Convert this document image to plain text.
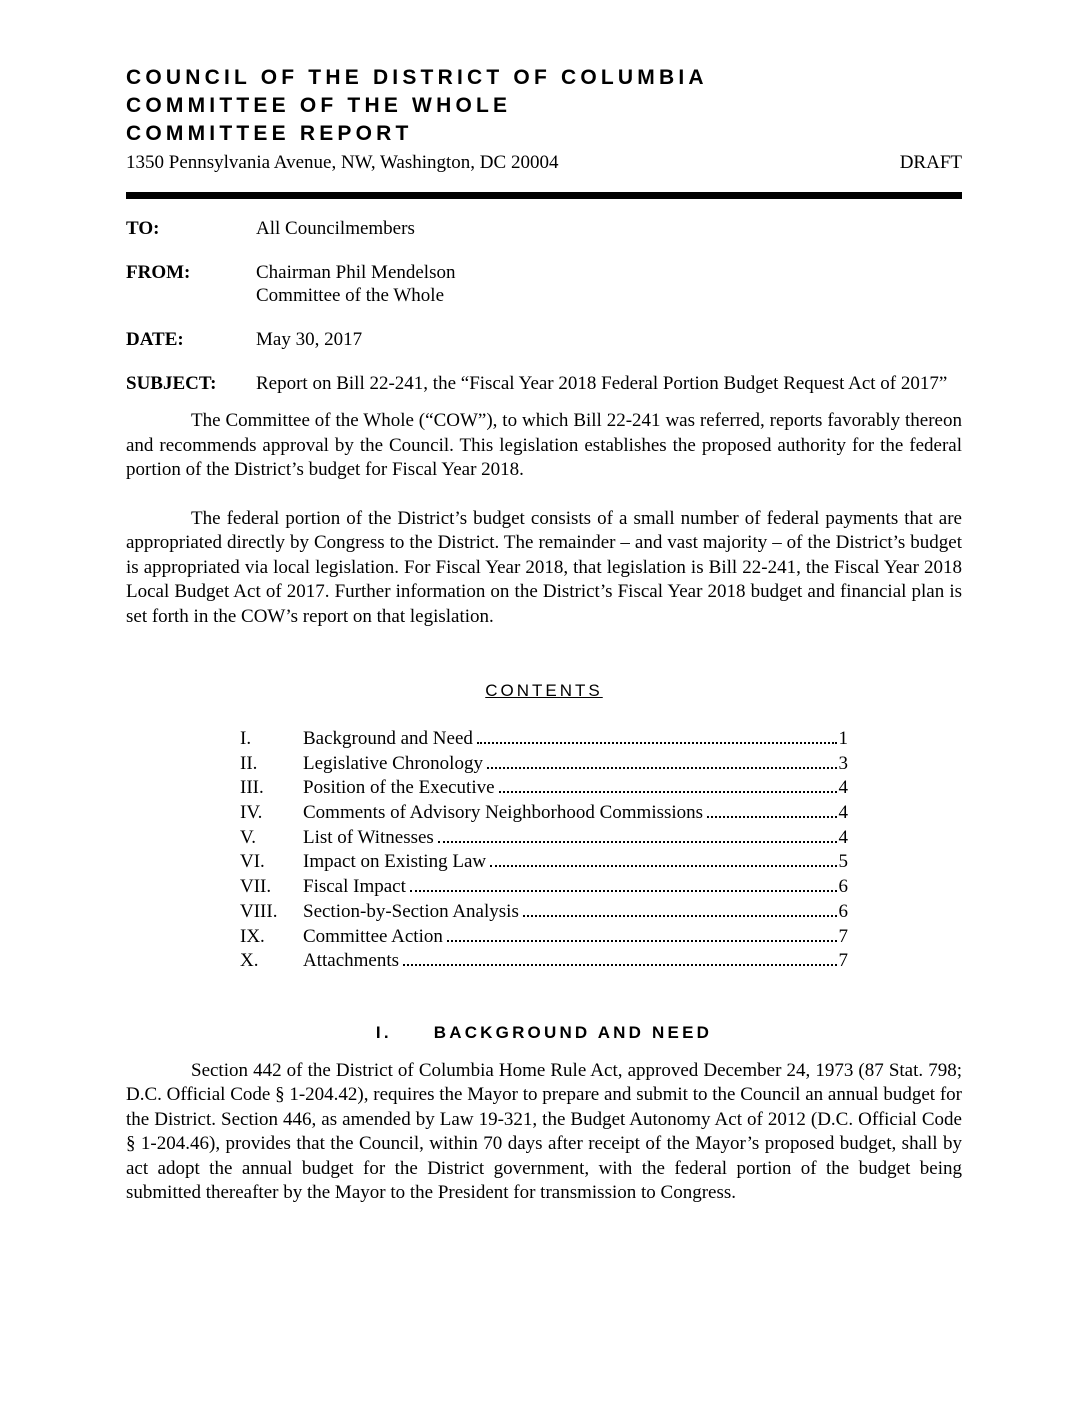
COUNCIL OF THE DISTRICT OF COLUMBIA
COMMITTEE OF THE WHOLE
COMMITTEE REPORT
1350 Pennsylvania Avenue, NW, Washington, DC 20004	DRAFT
TO:	All Councilmembers
FROM:	Chairman Phil Mendelson
Committee of the Whole
DATE:	May 30, 2017
SUBJECT:	Report on Bill 22-241, the “Fiscal Year 2018 Federal Portion Budget Request Act of 2017”

The Committee of the Whole (“COW”), to which Bill 22-241 was referred, reports favorably thereon and recommends approval by the Council. This legislation establishes the proposed authority for the federal portion of the District’s budget for Fiscal Year 2018.

The federal portion of the District’s budget consists of a small number of federal payments that are appropriated directly by Congress to the District. The remainder – and vast majority – of the District’s budget is appropriated via local legislation. For Fiscal Year 2018, that legislation is Bill 22-241, the Fiscal Year 2018 Local Budget Act of 2017. Further information on the District’s Fiscal Year 2018 budget and financial plan is set forth in the COW’s report on that legislation.

CONTENTS
I.	Background and Need	1
II.	Legislative Chronology	3
III.	Position of the Executive	4
IV.	Comments of Advisory Neighborhood Commissions	4
V.	List of Witnesses	4
VI.	Impact on Existing Law	5
VII.	Fiscal Impact	6
VIII.	Section-by-Section Analysis	6
IX.	Committee Action	7
X.	Attachments	7
I. BACKGROUND AND NEED

Section 442 of the District of Columbia Home Rule Act, approved December 24, 1973 (87 Stat. 798; D.C. Official Code § 1-204.42), requires the Mayor to prepare and submit to the Council an annual budget for the District. Section 446, as amended by Law 19-321, the Budget Autonomy Act of 2012 (D.C. Official Code § 1-204.46), provides that the Council, within 70 days after receipt of the Mayor’s proposed budget, shall by act adopt the annual budget for the District government, with the federal portion of the budget being submitted thereafter by the Mayor to the President for transmission to Congress.
